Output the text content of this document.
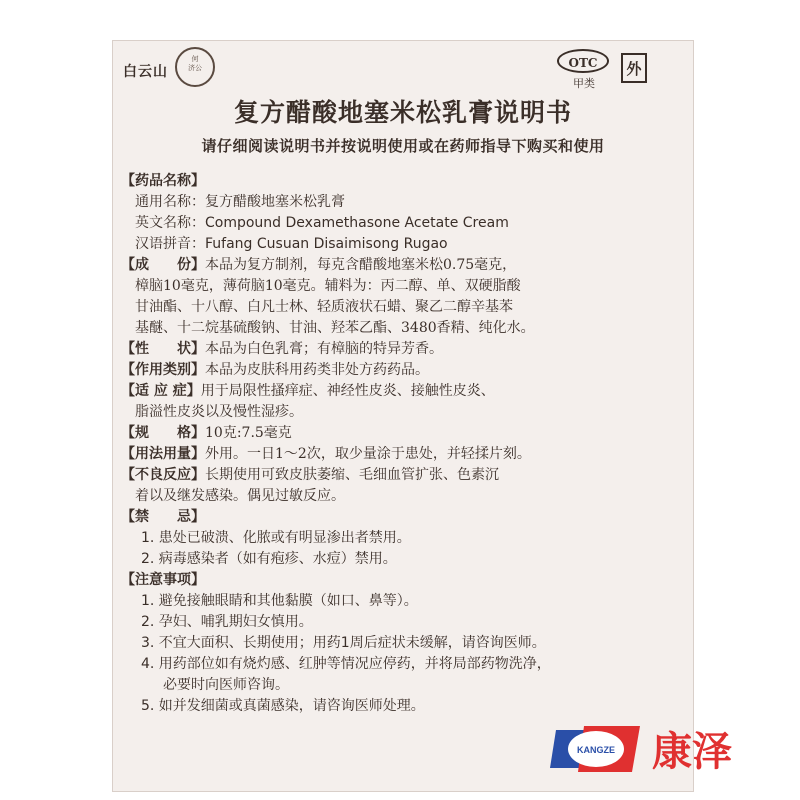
白云山
何
济公	OTC
甲类
外
复方醋酸地塞米松乳膏说明书
请仔细阅读说明书并按说明使用或在药师指导下购买和使用
【药品名称】
通用名称：复方醋酸地塞米松乳膏
英文名称：Compound Dexamethasone Acetate Cream
汉语拼音：Fufang Cusuan Disaimisong Rugao
【成　　份】本品为复方制剂，每克含醋酸地塞米松0.75毫克，
樟脑10毫克，薄荷脑10毫克。辅料为：丙二醇、单、双硬脂酸
甘油酯、十八醇、白凡士林、轻质液状石蜡、聚乙二醇辛基苯
基醚、十二烷基硫酸钠、甘油、羟苯乙酯、3480香精、纯化水。
【性　　状】本品为白色乳膏；有樟脑的特异芳香。
【作用类别】本品为皮肤科用药类非处方药药品。
【适 应 症】用于局限性搔痒症、神经性皮炎、接触性皮炎、
脂溢性皮炎以及慢性湿疹。
【规　　格】10克:7.5毫克
【用法用量】外用。一日1～2次，取少量涂于患处，并轻揉片刻。
【不良反应】长期使用可致皮肤萎缩、毛细血管扩张、色素沉
着以及继发感染。偶见过敏反应。
【禁　　忌】
1. 患处已破溃、化脓或有明显渗出者禁用。
2. 病毒感染者（如有疱疹、水痘）禁用。
【注意事项】
1. 避免接触眼睛和其他黏膜（如口、鼻等）。
2. 孕妇、哺乳期妇女慎用。
3. 不宜大面积、长期使用；用药1周后症状未缓解，请咨询医师。
4. 用药部位如有烧灼感、红肿等情况应停药，并将局部药物洗净，
必要时向医师咨询。
5. 如并发细菌或真菌感染，请咨询医师处理。
KANGZE 康泽
